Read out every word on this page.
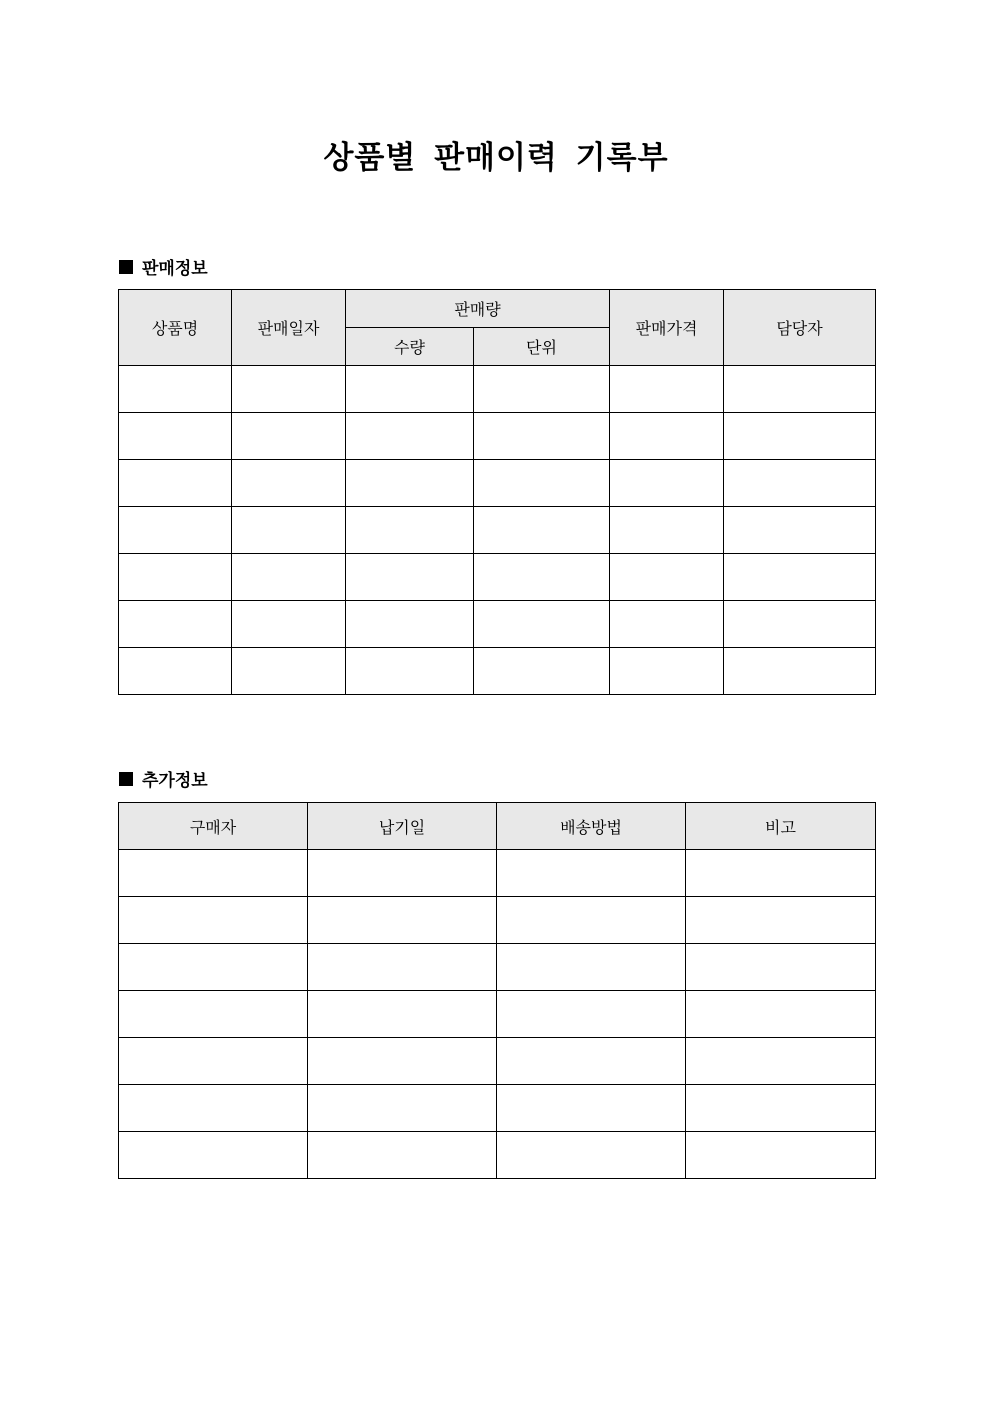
상품별 판매이력 기록부
판매정보
상품명	판매일자	판매량		판매가격	담당자
		수량	단위		

추가정보
구매자	납기일	배송방법	비고
